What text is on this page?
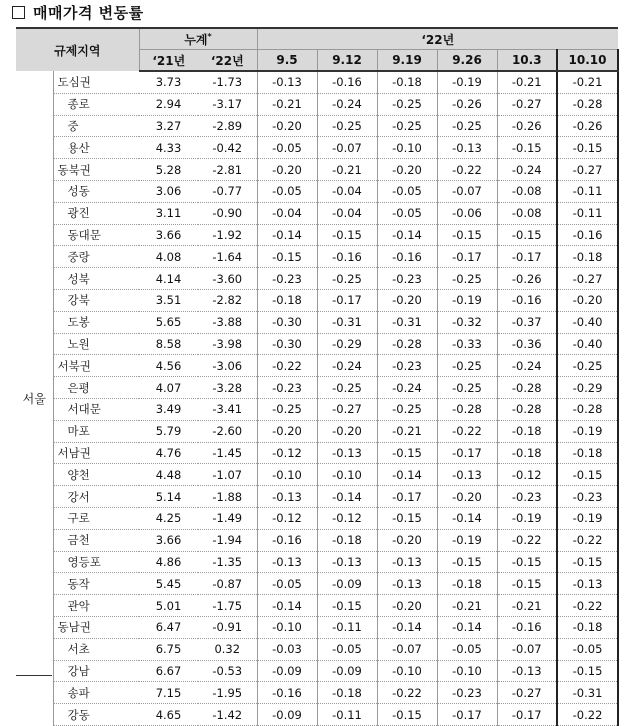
매매가격 변동률
규제지역		누계*		‘22년					
		‘21년	‘22년	9.5	9.12	9.19	9.26	10.3	10.10
서울	도심권	3.73	-1.73	-0.13	-0.16	-0.18	-0.19	-0.21	-0.21
	종로	2.94	-3.17	-0.21	-0.24	-0.25	-0.26	-0.27	-0.28
	중	3.27	-2.89	-0.20	-0.25	-0.25	-0.25	-0.26	-0.26
	용산	4.33	-0.42	-0.05	-0.07	-0.10	-0.13	-0.15	-0.15
	동북권	5.28	-2.81	-0.20	-0.21	-0.20	-0.22	-0.24	-0.27
	성동	3.06	-0.77	-0.05	-0.04	-0.05	-0.07	-0.08	-0.11
	광진	3.11	-0.90	-0.04	-0.04	-0.05	-0.06	-0.08	-0.11
	동대문	3.66	-1.92	-0.14	-0.15	-0.14	-0.15	-0.15	-0.16
	중랑	4.08	-1.64	-0.15	-0.16	-0.16	-0.17	-0.17	-0.18
	성북	4.14	-3.60	-0.23	-0.25	-0.23	-0.25	-0.26	-0.27
	강북	3.51	-2.82	-0.18	-0.17	-0.20	-0.19	-0.16	-0.20
	도봉	5.65	-3.88	-0.30	-0.31	-0.31	-0.32	-0.37	-0.40
	노원	8.58	-3.98	-0.30	-0.29	-0.28	-0.33	-0.36	-0.40
	서북권	4.56	-3.06	-0.22	-0.24	-0.23	-0.25	-0.24	-0.25
	은평	4.07	-3.28	-0.23	-0.25	-0.24	-0.25	-0.28	-0.29
	서대문	3.49	-3.41	-0.25	-0.27	-0.25	-0.28	-0.28	-0.28
	마포	5.79	-2.60	-0.20	-0.20	-0.21	-0.22	-0.18	-0.19
	서남권	4.76	-1.45	-0.12	-0.13	-0.15	-0.17	-0.18	-0.18
	양천	4.48	-1.07	-0.10	-0.10	-0.14	-0.13	-0.12	-0.15
	강서	5.14	-1.88	-0.13	-0.14	-0.17	-0.20	-0.23	-0.23
	구로	4.25	-1.49	-0.12	-0.12	-0.15	-0.14	-0.19	-0.19
	금천	3.66	-1.94	-0.16	-0.18	-0.20	-0.19	-0.22	-0.22
	영등포	4.86	-1.35	-0.13	-0.13	-0.13	-0.15	-0.15	-0.15
	동작	5.45	-0.87	-0.05	-0.09	-0.13	-0.18	-0.15	-0.13
	관악	5.01	-1.75	-0.14	-0.15	-0.20	-0.21	-0.21	-0.22
	동남권	6.47	-0.91	-0.10	-0.11	-0.14	-0.14	-0.16	-0.18
	서초	6.75	0.32	-0.03	-0.05	-0.07	-0.05	-0.07	-0.05
	강남	6.67	-0.53	-0.09	-0.09	-0.10	-0.10	-0.13	-0.15
	송파	7.15	-1.95	-0.16	-0.18	-0.22	-0.23	-0.27	-0.31
	강동	4.65	-1.42	-0.09	-0.11	-0.15	-0.17	-0.17	-0.22
